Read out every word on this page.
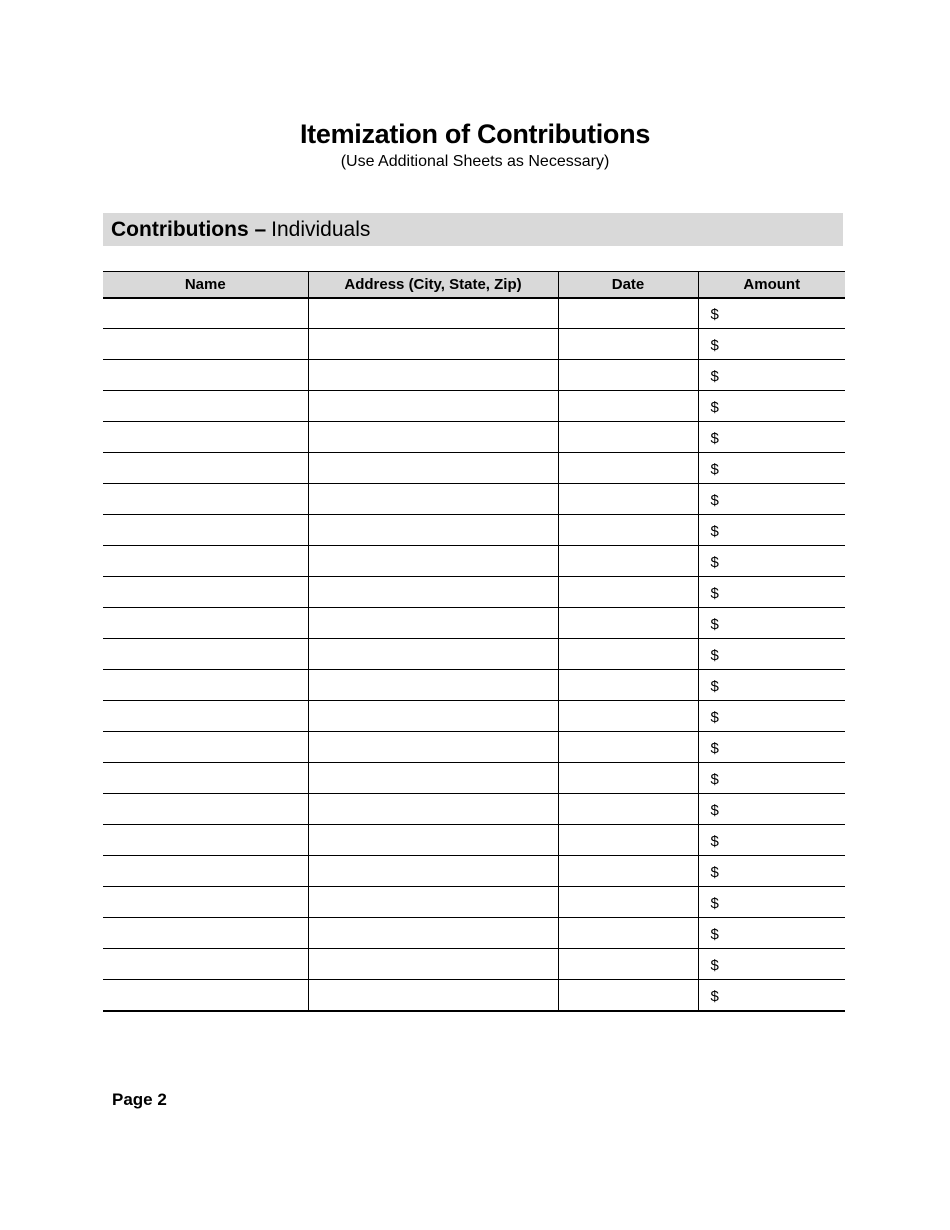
Itemization of Contributions
(Use Additional Sheets as Necessary)
Contributions – Individuals
Name	Address (City, State, Zip)	Date	Amount
			$
			$
			$
			$
			$
			$
			$
			$
			$
			$
			$
			$
			$
			$
			$
			$
			$
			$
			$
			$
			$
			$
			$
Page 2
